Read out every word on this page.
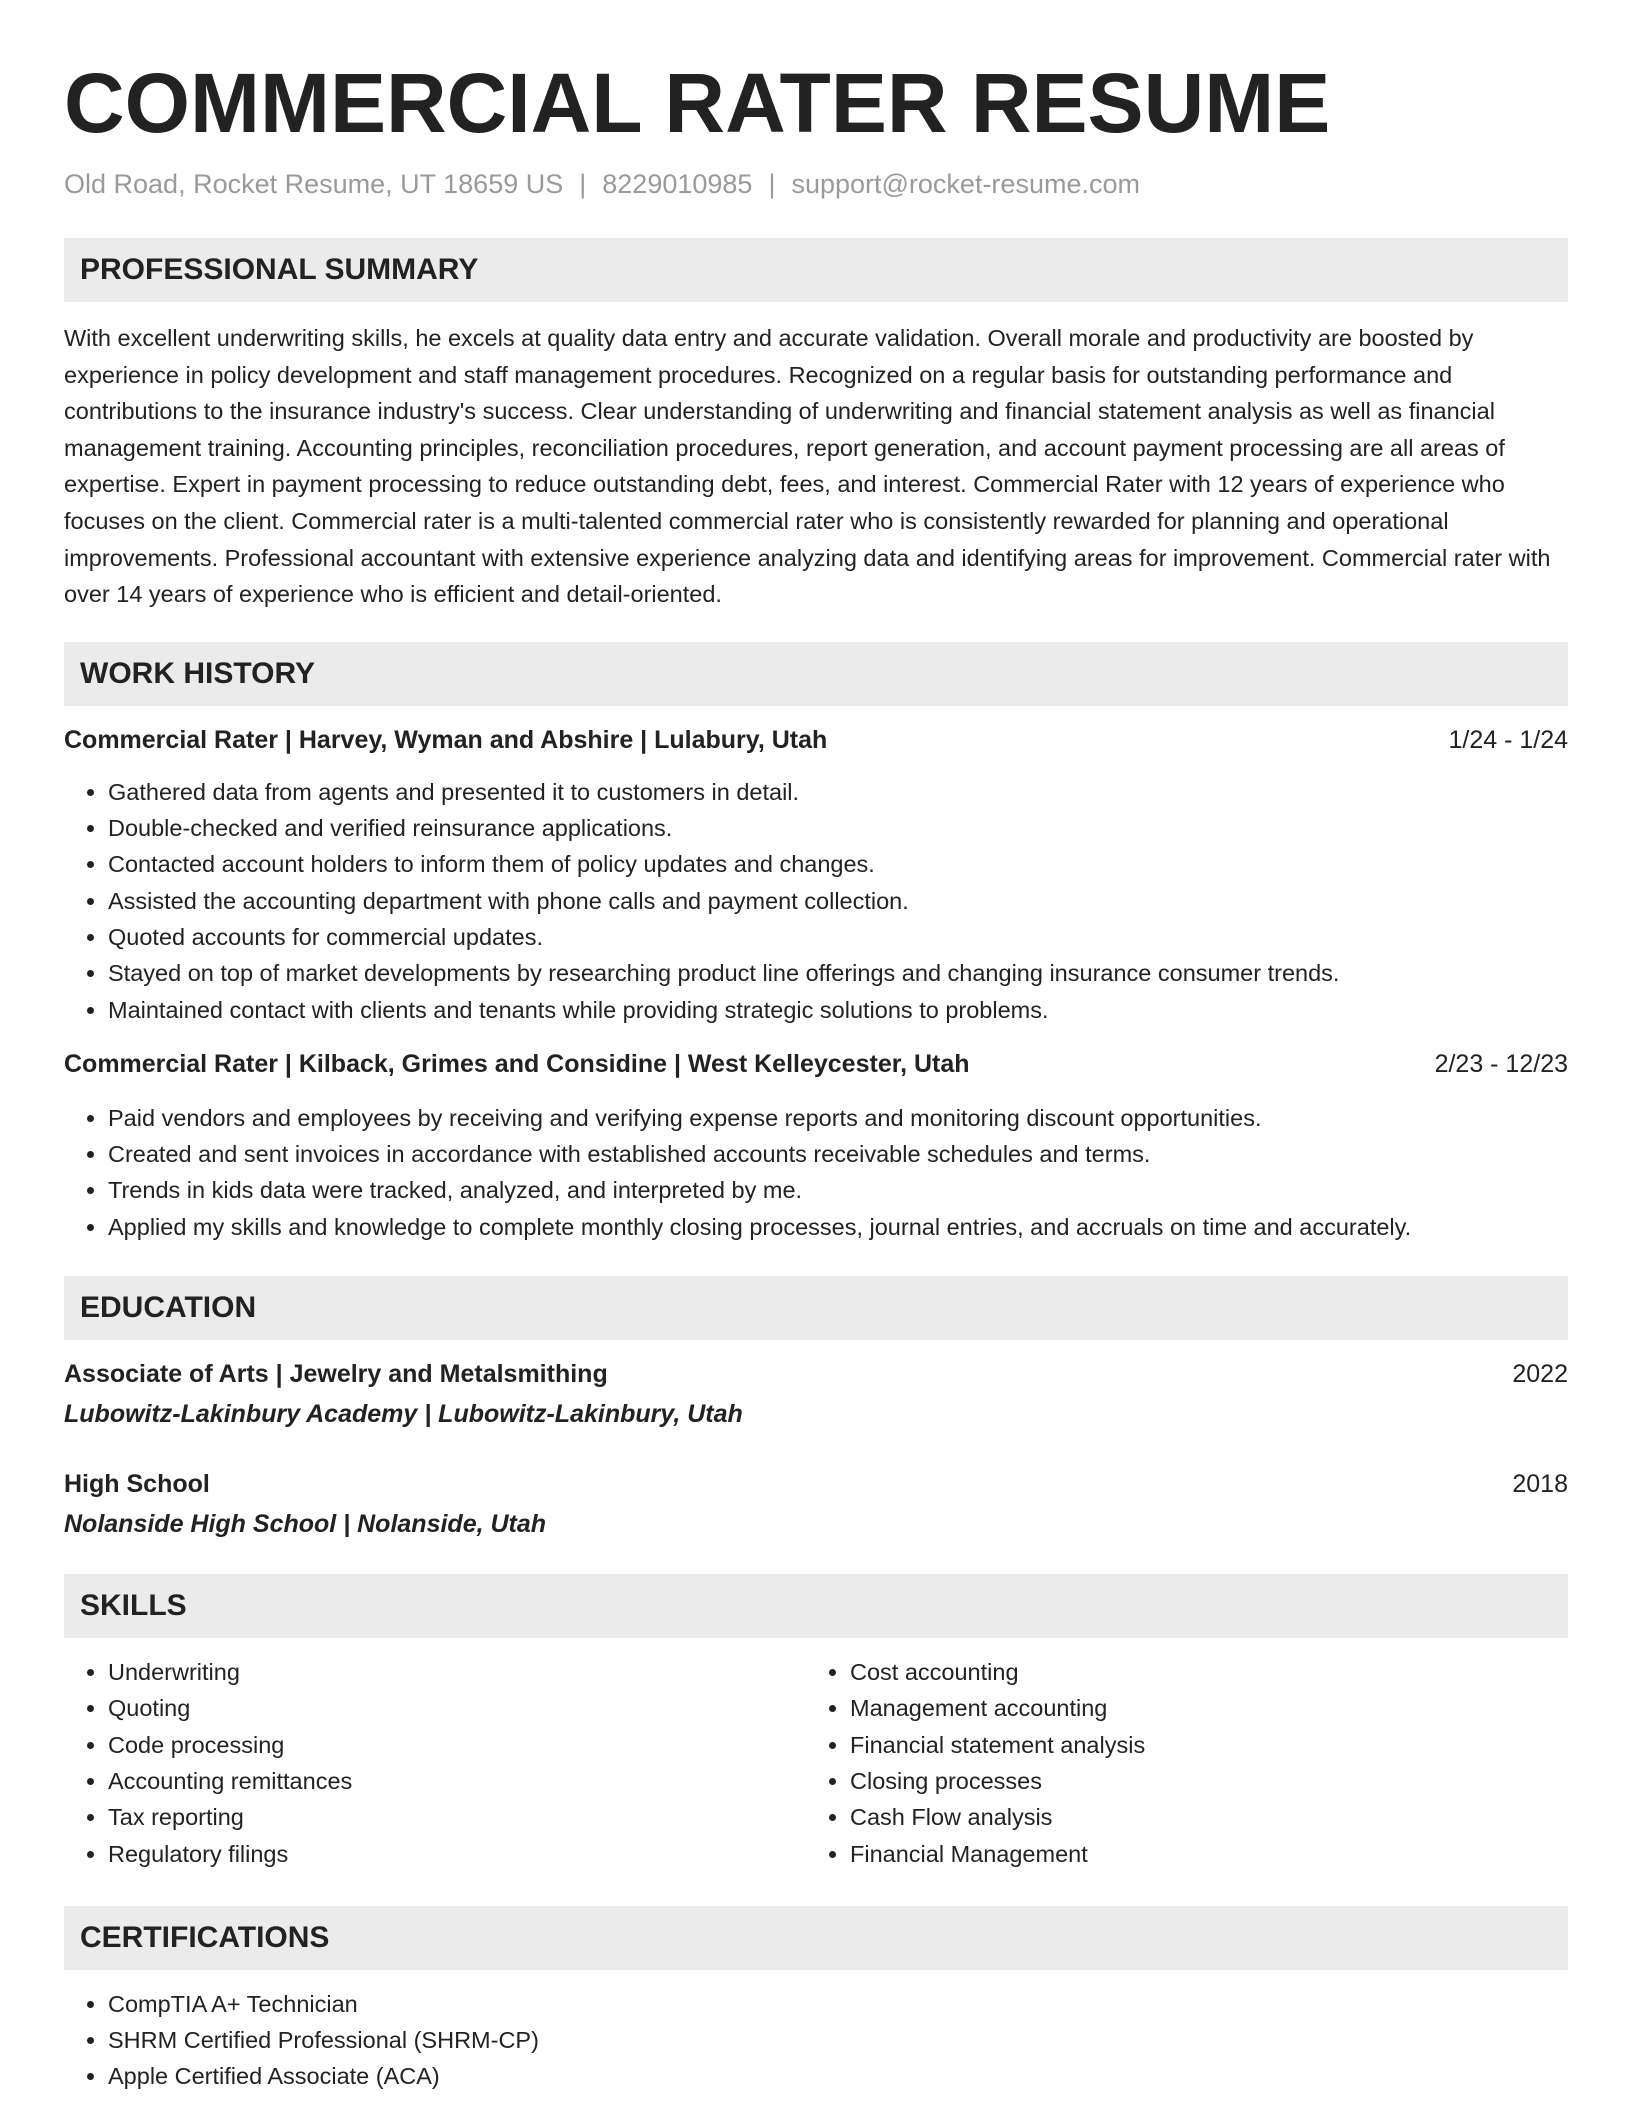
COMMERCIAL RATER RESUME
Old Road, Rocket Resume, UT 18659 US | 8229010985 | support@rocket-resume.com
PROFESSIONAL SUMMARY

With excellent underwriting skills, he excels at quality data entry and accurate validation. Overall morale and productivity are boosted by experience in policy development and staff management procedures. Recognized on a regular basis for outstanding performance and contributions to the insurance industry's success. Clear understanding of underwriting and financial statement analysis as well as financial management training. Accounting principles, reconciliation procedures, report generation, and account payment processing are all areas of expertise. Expert in payment processing to reduce outstanding debt, fees, and interest. Commercial Rater with 12 years of experience who focuses on the client. Commercial rater is a multi-talented commercial rater who is consistently rewarded for planning and operational improvements. Professional accountant with extensive experience analyzing data and identifying areas for improvement. Commercial rater with over 14 years of experience who is efficient and detail-oriented.

WORK HISTORY
Commercial Rater | Harvey, Wyman and Abshire | Lulabury, Utah	1/24 - 1/24
• Gathered data from agents and presented it to customers in detail.
• Double-checked and verified reinsurance applications.
• Contacted account holders to inform them of policy updates and changes.
• Assisted the accounting department with phone calls and payment collection.
• Quoted accounts for commercial updates.
• Stayed on top of market developments by researching product line offerings and changing insurance consumer trends.
• Maintained contact with clients and tenants while providing strategic solutions to problems.
Commercial Rater | Kilback, Grimes and Considine | West Kelleycester, Utah	2/23 - 12/23
• Paid vendors and employees by receiving and verifying expense reports and monitoring discount opportunities.
• Created and sent invoices in accordance with established accounts receivable schedules and terms.
• Trends in kids data were tracked, analyzed, and interpreted by me.
• Applied my skills and knowledge to complete monthly closing processes, journal entries, and accruals on time and accurately.
EDUCATION
Associate of Arts | Jewelry and Metalsmithing	2022
Lubowitz-Lakinbury Academy | Lubowitz-Lakinbury, Utah
High School	2018
Nolanside High School | Nolanside, Utah
SKILLS
• Underwriting
• Quoting
• Code processing
• Accounting remittances
• Tax reporting
• Regulatory filings
• Cost accounting
• Management accounting
• Financial statement analysis
• Closing processes
• Cash Flow analysis
• Financial Management
CERTIFICATIONS
• CompTIA A+ Technician
• SHRM Certified Professional (SHRM-CP)
• Apple Certified Associate (ACA)
